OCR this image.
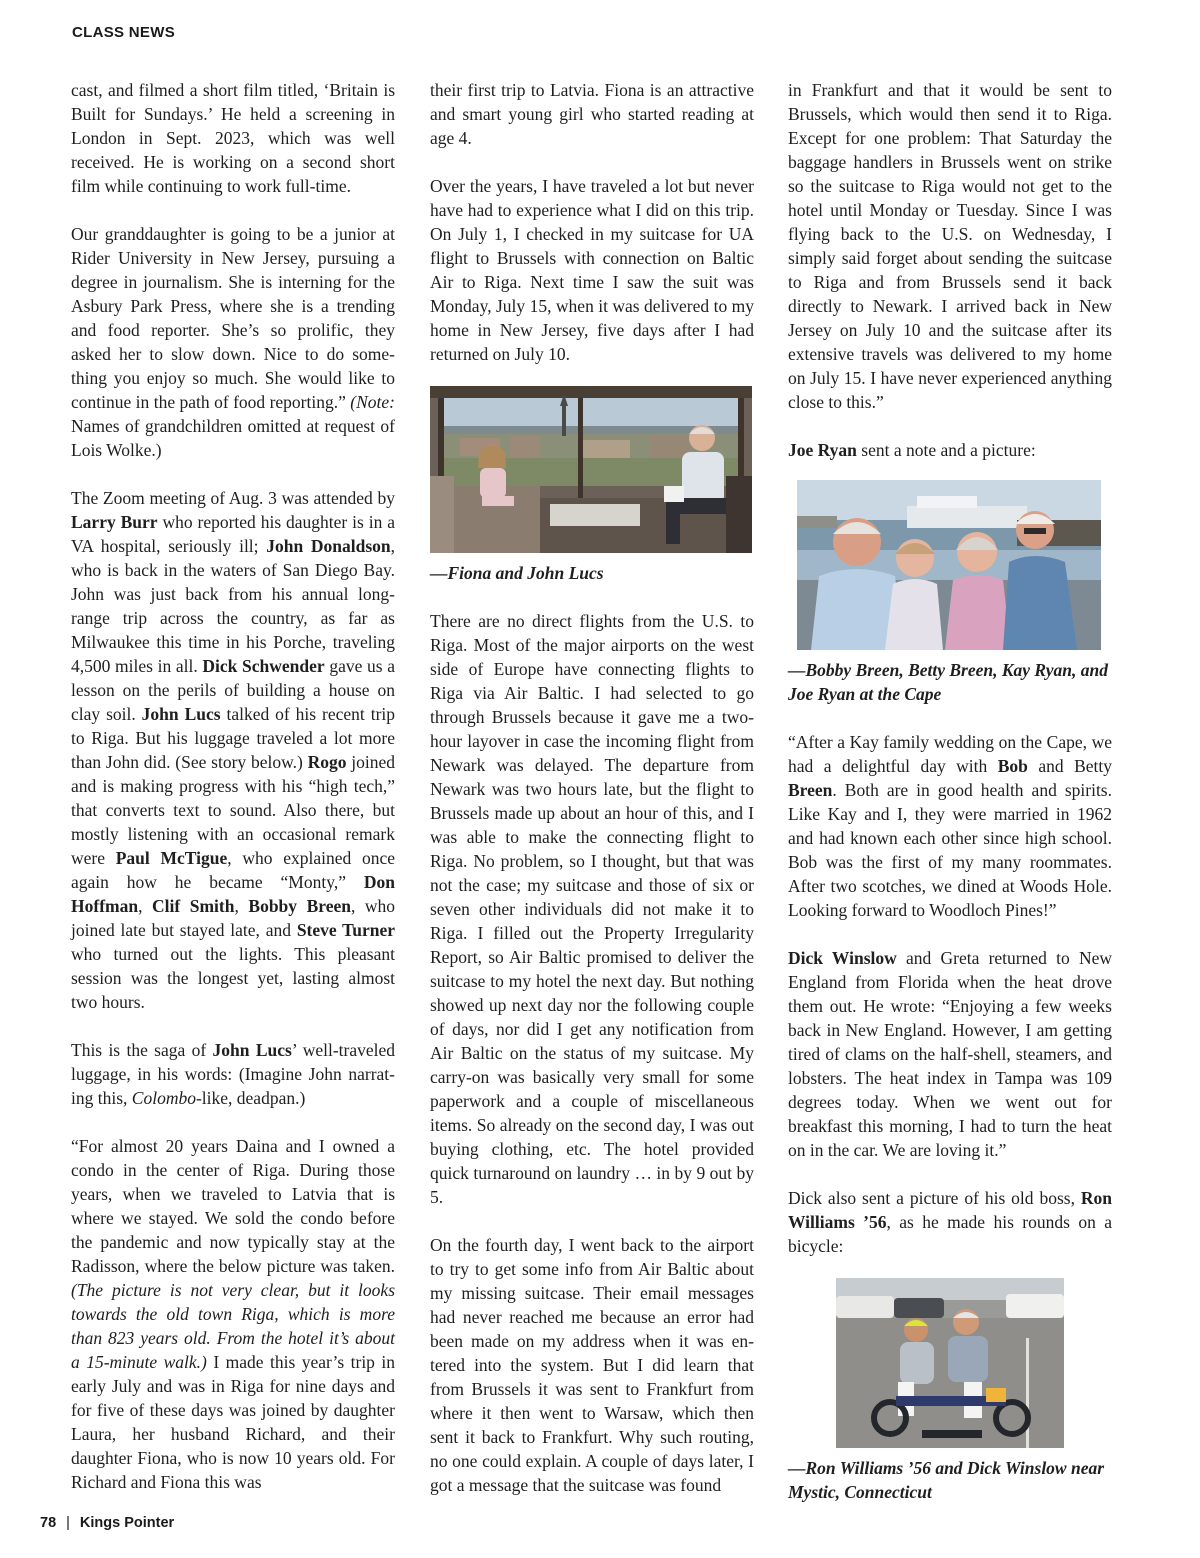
CLASS NEWS

cast, and filmed a short film titled, ‘Britain is Built for Sundays.’ He held a screening in London in Sept. 2023, which was well received. He is working on a second short film while continuing to work full-time.

Our granddaughter is going to be a junior at Rider University in New Jersey, pursuing a degree in journalism. She is interning for the Asbury Park Press, where she is a trending and food reporter. She’s so prolific, they asked her to slow down. Nice to do something you enjoy so much. She would like to continue in the path of food reporting.” (Note: Names of grandchildren omitted at request of Lois Wolke.)

The Zoom meeting of Aug. 3 was attended by Larry Burr who reported his daughter is in a VA hospital, seriously ill; John Donaldson, who is back in the waters of San Diego Bay. John was just back from his annual long-range trip across the country, as far as Milwaukee this time in his Porche, traveling 4,500 miles in all. Dick Schwender gave us a lesson on the perils of building a house on clay soil. John Lucs talked of his recent trip to Riga. But his luggage traveled a lot more than John did. (See story below.) Rogo joined and is making progress with his “high tech,” that converts text to sound. Also there, but mostly listening with an occasional remark were Paul McTigue, who explained once again how he became “Monty,” Don Hoffman, Clif Smith, Bobby Breen, who joined late but stayed late, and Steve Turner who turned out the lights. This pleasant session was the longest yet, lasting almost two hours.

This is the saga of John Lucs’ well-traveled luggage, in his words: (Imagine John narrating this, Colombo-like, deadpan.)

“For almost 20 years Daina and I owned a condo in the center of Riga. During those years, when we traveled to Latvia that is where we stayed. We sold the condo before the pandemic and now typically stay at the Radisson, where the below picture was taken. (The picture is not very clear, but it looks towards the old town Riga, which is more than 823 years old. From the hotel it’s about a 15-minute walk.) I made this year’s trip in early July and was in Riga for nine days and for five of these days was joined by daughter Laura, her husband Richard, and their daughter Fiona, who is now 10 years old. For Richard and Fiona this was

their first trip to Latvia. Fiona is an attractive and smart young girl who started reading at age 4.

Over the years, I have traveled a lot but never have had to experience what I did on this trip. On July 1, I checked in my suitcase for UA flight to Brussels with connection on Baltic Air to Riga. Next time I saw the suit was Monday, July 15, when it was delivered to my home in New Jersey, five days after I had returned on July 10.

—Fiona and John Lucs

There are no direct flights from the U.S. to Riga. Most of the major airports on the west side of Europe have connecting flights to Riga via Air Baltic. I had selected to go through Brussels because it gave me a two-hour layover in case the incoming flight from Newark was delayed. The departure from Newark was two hours late, but the flight to Brussels made up about an hour of this, and I was able to make the connecting flight to Riga. No problem, so I thought, but that was not the case; my suitcase and those of six or seven other individuals did not make it to Riga. I filled out the Property Irregularity Report, so Air Baltic promised to deliver the suitcase to my hotel the next day. But nothing showed up next day nor the following couple of days, nor did I get any notification from Air Baltic on the status of my suitcase. My carry-on was basically very small for some paperwork and a couple of miscellaneous items. So already on the second day, I was out buying clothing, etc. The hotel provided quick turnaround on laundry … in by 9 out by 5.

On the fourth day, I went back to the airport to try to get some info from Air Baltic about my missing suitcase. Their email messages had never reached me because an error had been made on my address when it was entered into the system. But I did learn that from Brussels it was sent to Frankfurt from where it then went to Warsaw, which then sent it back to Frankfurt. Why such routing, no one could explain. A couple of days later, I got a message that the suitcase was found

in Frankfurt and that it would be sent to Brussels, which would then send it to Riga. Except for one problem: That Saturday the baggage handlers in Brussels went on strike so the suitcase to Riga would not get to the hotel until Monday or Tuesday. Since I was flying back to the U.S. on Wednesday, I simply said forget about sending the suitcase to Riga and from Brussels send it back directly to Newark. I arrived back in New Jersey on July 10 and the suitcase after its extensive travels was delivered to my home on July 15. I have never experienced anything close to this.”

Joe Ryan sent a note and a picture:

—Bobby Breen, Betty Breen, Kay Ryan, and Joe Ryan at the Cape

“After a Kay family wedding on the Cape, we had a delightful day with Bob and Betty Breen. Both are in good health and spirits. Like Kay and I, they were married in 1962 and had known each other since high school. Bob was the first of my many roommates. After two scotches, we dined at Woods Hole. Looking forward to Woodloch Pines!”

Dick Winslow and Greta returned to New England from Florida when the heat drove them out. He wrote: “Enjoying a few weeks back in New England. However, I am getting tired of clams on the half-shell, steamers, and lobsters. The heat index in Tampa was 109 degrees today. When we went out for breakfast this morning, I had to turn the heat on in the car. We are loving it.”

Dick also sent a picture of his old boss, Ron Williams ’56, as he made his rounds on a bicycle:

—Ron Williams ’56 and Dick Winslow near Mystic, Connecticut

78 | Kings Pointer
